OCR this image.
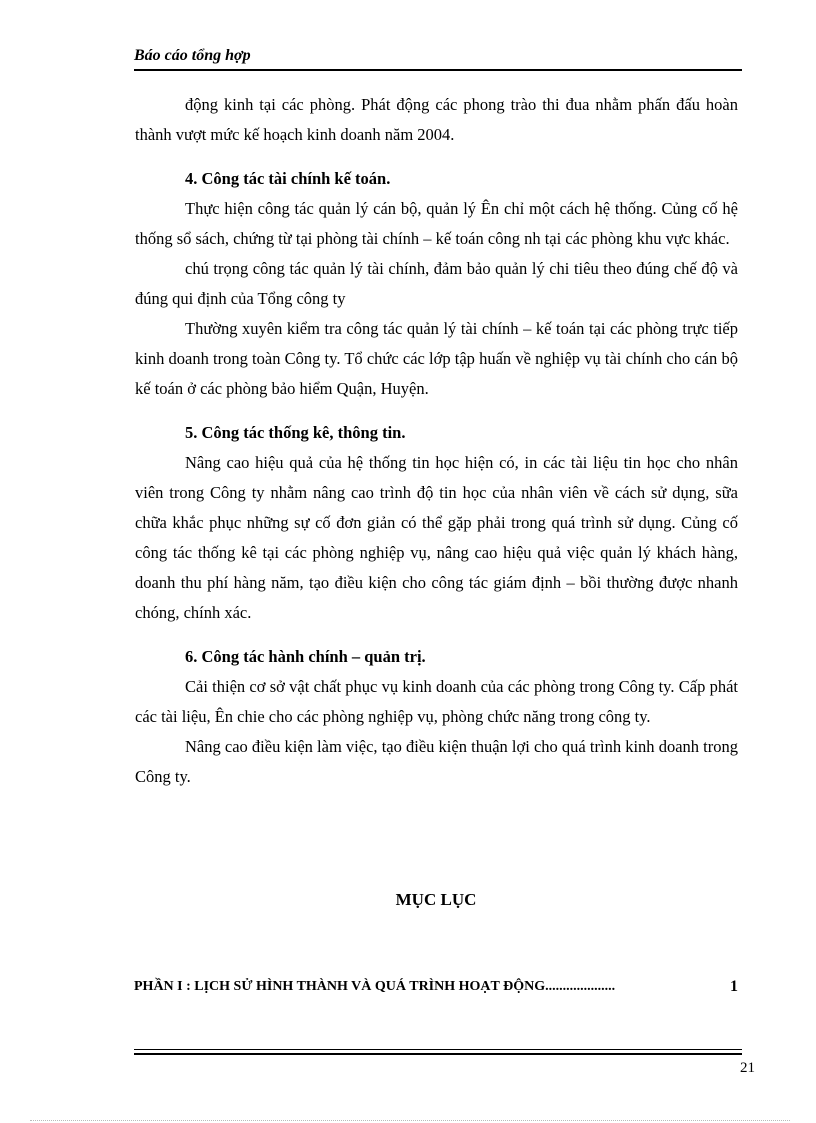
Báo cáo tổng hợp

động kinh tại các phòng. Phát động các phong trào thi đua nhằm phấn đấu hoàn thành vượt mức kế hoạch kinh doanh năm 2004.

4. Công tác tài chính kế toán.

Thực hiện công tác quản lý cán bộ, quản lý Ên chỉ một cách hệ thống. Củng cố hệ thống sổ sách, chứng từ tại phòng tài chính – kế toán công nh tại các phòng khu vực khác.

chú trọng công tác quản lý tài chính, đảm bảo quản lý chi tiêu theo đúng chế độ và đúng qui định của Tổng công ty

Thường xuyên kiểm tra công tác quản lý tài chính – kế toán tại các phòng trực tiếp kinh doanh trong toàn Công ty. Tổ chức các lớp tập huấn về nghiệp vụ tài chính cho cán bộ kế toán ở các phòng bảo hiểm Quận, Huyện.

5. Công tác thống kê, thông tin.

Nâng cao hiệu quả của hệ thống tin học hiện có, in các tài liệu tin học cho nhân viên trong Công ty nhằm nâng cao trình độ tin học của nhân viên về cách sử dụng, sữa chữa khắc phục những sự cố đơn giản có thể gặp phải trong quá trình sử dụng. Củng cố công tác thống kê tại các phòng nghiệp vụ, nâng cao hiệu quả việc quản lý khách hàng, doanh thu phí hàng năm, tạo điều kiện cho công tác giám định – bồi thường được nhanh chóng, chính xác.

6. Công tác hành chính – quản trị.

Cải thiện cơ sở vật chất phục vụ kinh doanh của các phòng trong Công ty. Cấp phát các tài liệu, Ên chie cho các phòng nghiệp vụ, phòng chức năng trong công ty.

Nâng cao điều kiện làm việc, tạo điều kiện thuận lợi cho quá trình kinh doanh trong Công ty.

MỤC LỤC
PHẦN I : LỊCH SỬ HÌNH THÀNH VÀ QUÁ TRÌNH HOẠT ĐỘNG ....................	1
21
